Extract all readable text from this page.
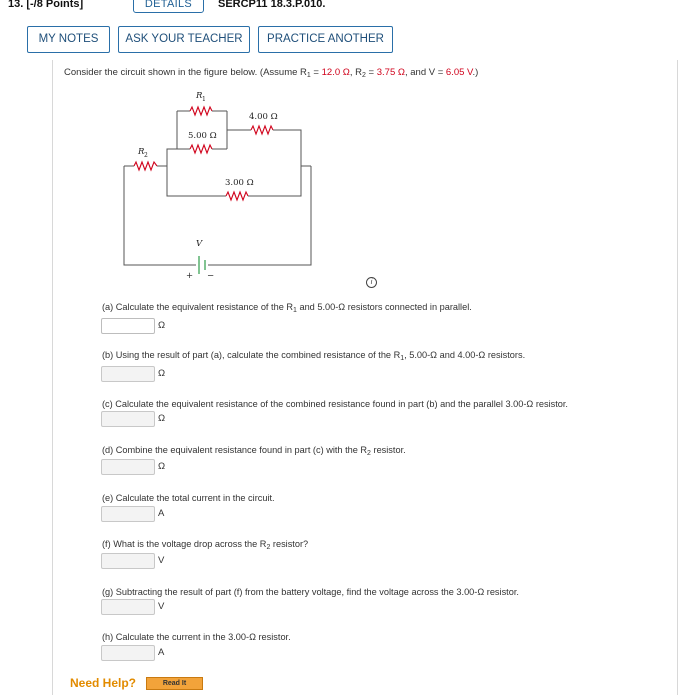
13. [-/8 Points]	DETAILS	SERCP11 18.3.P.010.
MY NOTES	ASK YOUR TEACHER	PRACTICE ANOTHER
Consider the circuit shown in the figure below. (Assume $R_1 = 12.0$ Ω, $R_2 = 3.75$ Ω, and V = 6.05 V.)
R 1
R 2
4.00 Ω
5.00 Ω
3.00 Ω
V
+ −
i
(a) Calculate the equivalent resistance of the $R_1$ and 5.00-Ω resistors connected in parallel.
Ω
(b) Using the result of part (a), calculate the combined resistance of the $R_1$, 5.00-Ω and 4.00-Ω resistors.
Ω
(c) Calculate the equivalent resistance of the combined resistance found in part (b) and the parallel 3.00-Ω resistor.
Ω
(d) Combine the equivalent resistance found in part (c) with the $R_2$ resistor.
Ω
(e) Calculate the total current in the circuit.
A
(f) What is the voltage drop across the $R_2$ resistor?
V
(g) Subtracting the result of part (f) from the battery voltage, find the voltage across the 3.00-Ω resistor.
V
(h) Calculate the current in the 3.00-Ω resistor.
A
Need Help?	Read It
